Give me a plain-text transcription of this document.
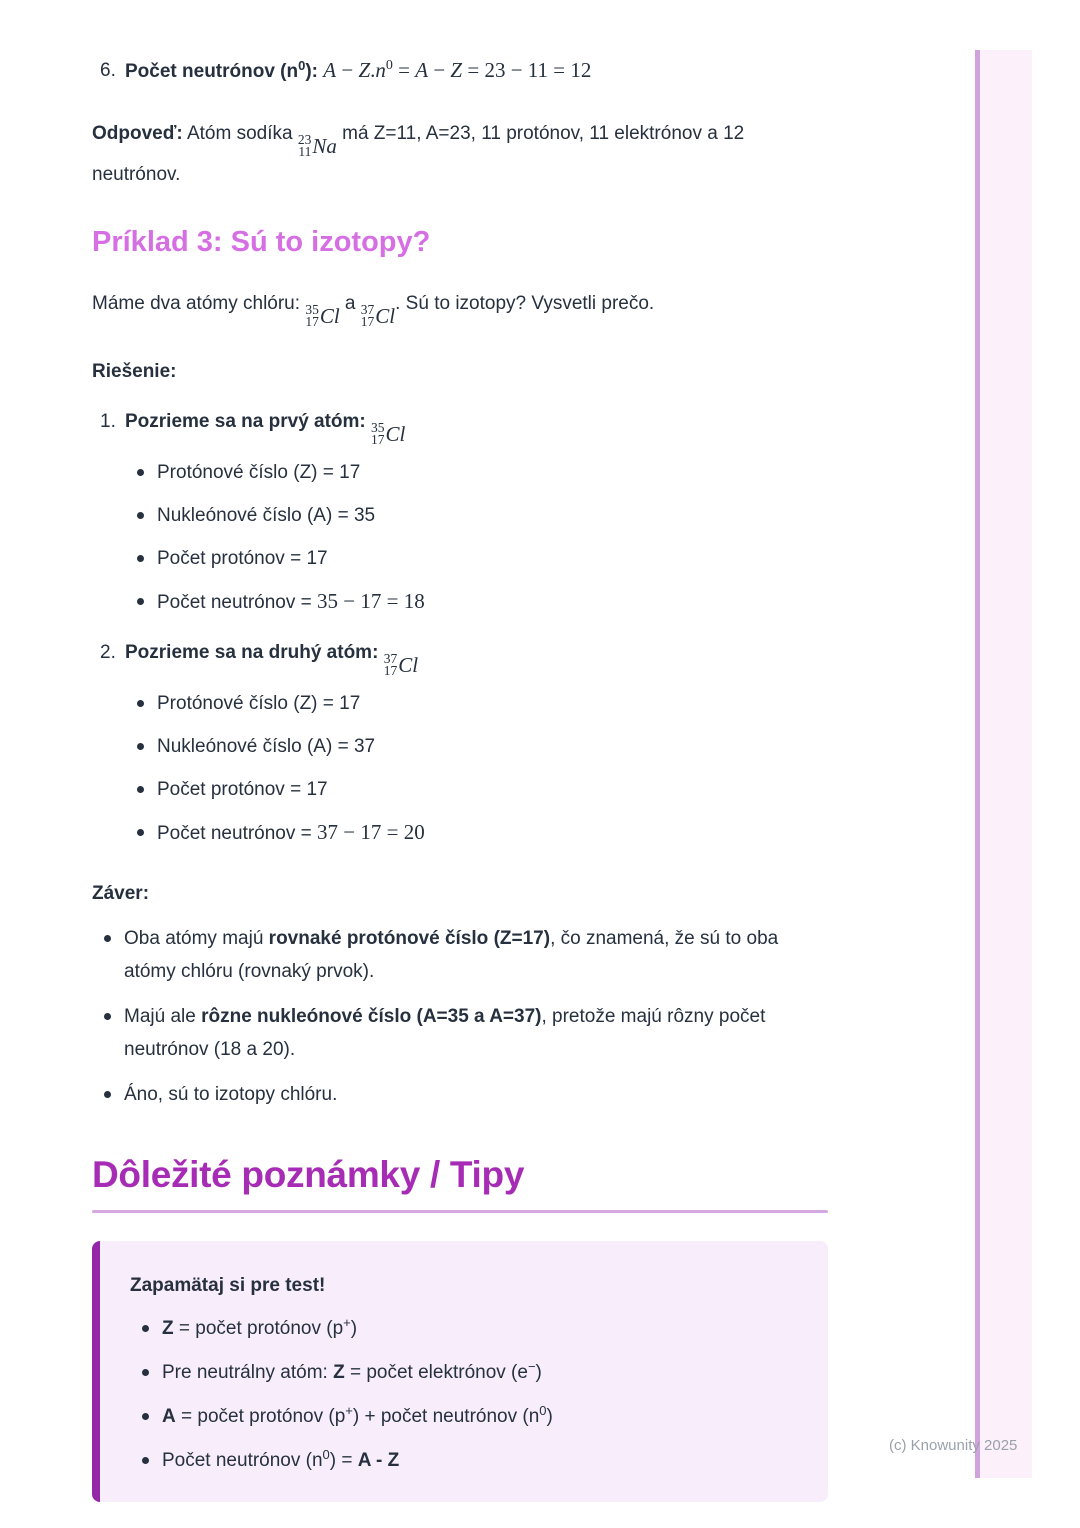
6. Počet neutrónov $(n^0)$: $A - Z.n^0 = A - Z = 23 - 11 = 12$

Odpoveď: Atóm sodíka 23
11 Na
má Z=11, A=23, 11 protónov, 11 elektrónov a 12 neutrónov.

Príklad 3: Sú to izotopy?

Máme dva atómy chlóru: 35
17 Cl
a 37
17 Cl
. Sú to izotopy? Vysvetli prečo.

Riešenie:

1. Pozrieme sa na prvý atóm: 35
17 Cl
Protónové číslo (Z) = 17
Nukleónové číslo (A) = 35
Počet protónov = 17
Počet neutrónov = 35 − 17 = 18
2. Pozrieme sa na druhý atóm: 37
17 Cl
Protónové číslo (Z) = 17
Nukleónové číslo (A) = 37
Počet protónov = 17
Počet neutrónov = 37 − 17 = 20

Záver:

Oba atómy majú rovnaké protónové číslo (Z=17), čo znamená, že sú to oba atómy chlóru (rovnaký prvok).
Majú ale rôzne nukleónové číslo (A=35 a A=37), pretože majú rôzny počet neutrónov (18 a 20).
Áno, sú to izotopy chlóru.
Dôležité poznámky / Tipy

Zapamätaj si pre test!

Z = počet protónov (p+)
Pre neutrálny atóm: Z = počet elektrónov (e−)
A = počet protónov (p+) + počet neutrónov $(n^0)$
Počet neutrónov $(n^0) = A - Z$
(c) Knowunity 2025
